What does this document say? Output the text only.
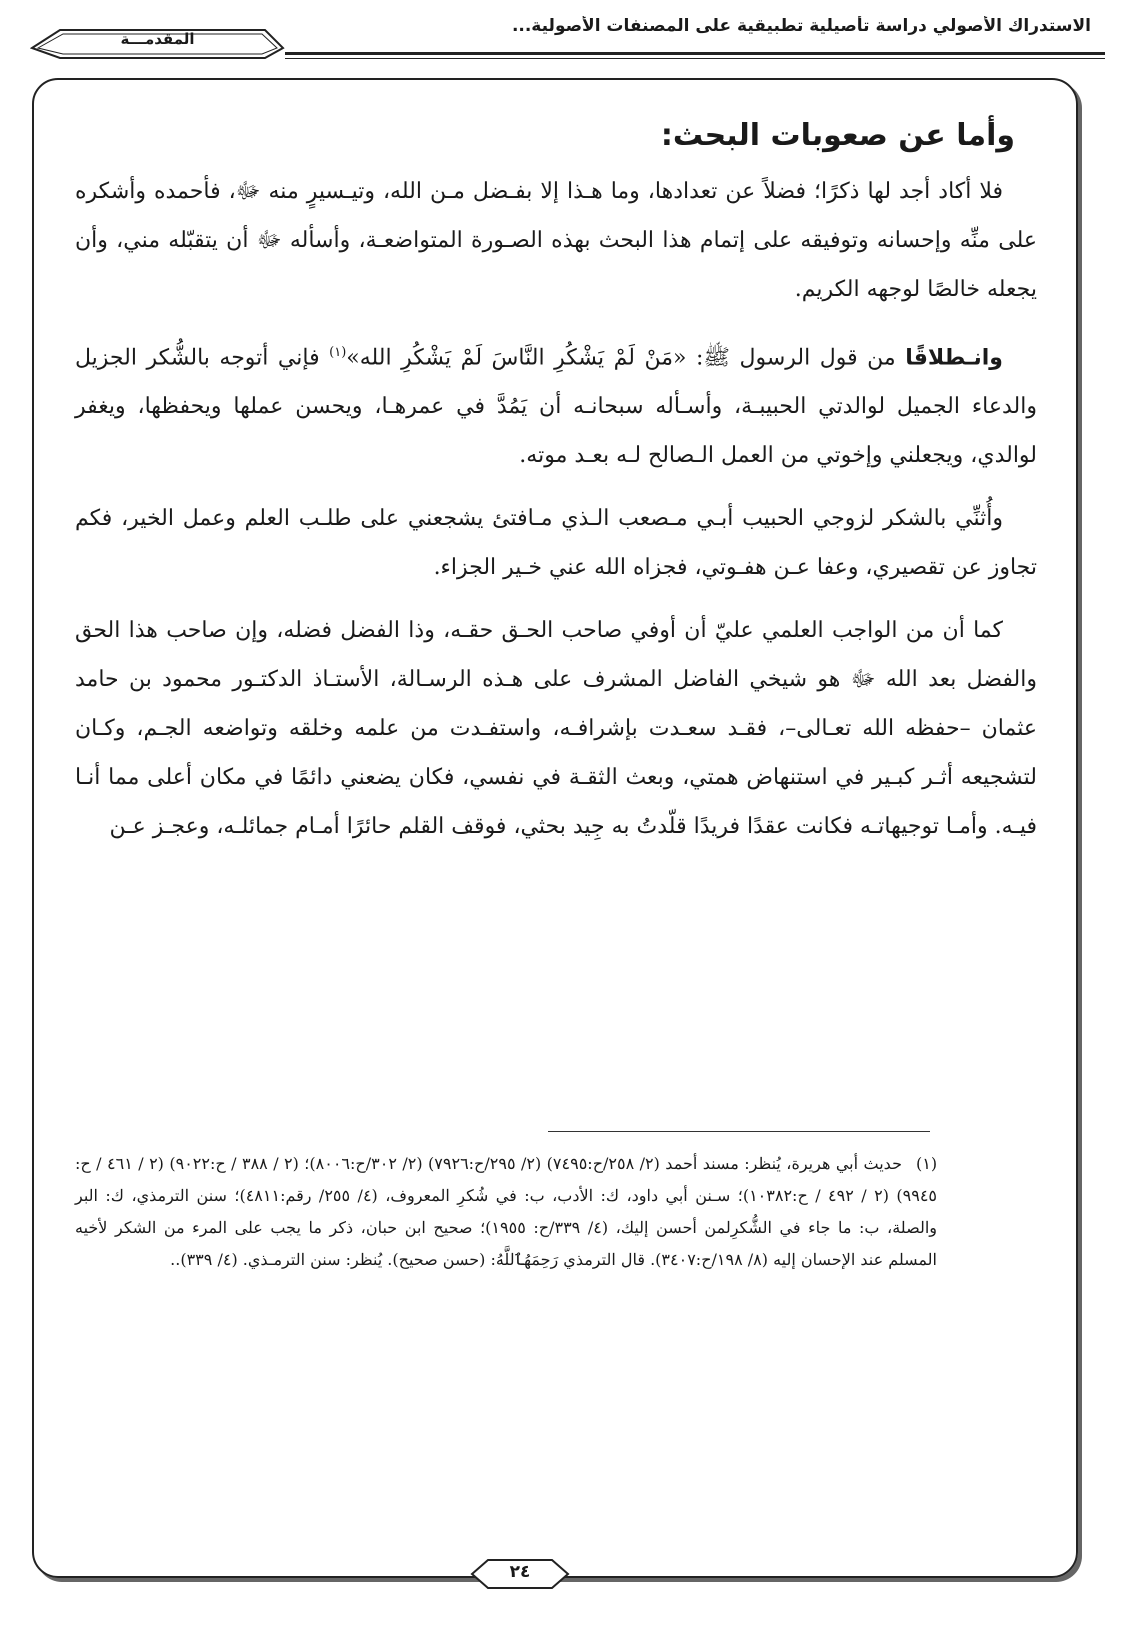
الاستدراك الأصولي دراسة تأصيلية تطبيقية على المصنفات الأصولية...
المقدمـــة
وأما عن صعوبات البحث:

فلا أكاد أجد لها ذكرًا؛ فضلاً عن تعدادها، وما هـذا إلا بفـضل مـن الله، وتيـسيرٍ منه ﷻ، فأحمده وأشكره على منِّه وإحسانه وتوفيقه على إتمام هذا البحث بهذه الصـورة المتواضعـة، وأسأله ﷻ أن يتقبّله مني، وأن يجعله خالصًا لوجهه الكريم.

وانـطلاقًا من قول الرسول ﷺ: «مَنْ لَمْ يَشْكُرِ النَّاسَ لَمْ يَشْكُرِ الله»$^{(١)}$ فإني أتوجه بالشُّكر الجزيل والدعاء الجميل لوالدتي الحبيبـة، وأسـأله سبحانـه أن يَمُدَّ في عمرهـا، ويحسن عملها ويحفظها، ويغفر لوالدي، ويجعلني وإخوتي من العمل الـصالح لـه بعـد موته.

وأُثنِّي بالشكر لزوجي الحبيب أبـي مـصعب الـذي مـافتئ يشجعني على طلـب العلم وعمل الخير، فكم تجاوز عن تقصيري، وعفا عـن هفـوتي، فجزاه الله عني خـير الجزاء.

كما أن من الواجب العلمي عليّ أن أوفي صاحب الحـق حقـه، وذا الفضل فضله، وإن صاحب هذا الحق والفضل بعد الله ﷻ هو شيخي الفاضل المشرف على هـذه الرسـالة، الأستـاذ الدكتـور محمود بن حامد عثمان –حفظه الله تعـالى–، فقـد سعـدت بإشرافـه، واستفـدت من علمه وخلقه وتواضعه الجـم، وكـان لتشجيعه أثـر كبـير في استنهاض همتي، وبعث الثقـة في نفسي، فكان يضعني دائمًا في مكان أعلى مما أنـا فيـه. وأمـا توجيهاتـه فكانت عقدًا فريدًا قلّدتُ به جِيد بحثي، فوقف القلم حائرًا أمـام جمائلـه، وعجـز عـن

(١)حديث أبي هريرة، يُنظر: مسند أحمد (٢/ ٢٥٨/ح:٧٤٩٥) (٢/ ٢٩٥/ح:٧٩٢٦) (٢/ ٣٠٢/ح:٨٠٠٦)؛ (٢ / ٣٨٨ / ح:٩٠٢٢) (٢ / ٤٦١ / ح: ٩٩٤٥) (٢ / ٤٩٢ / ح:١٠٣٨٢)؛ سـنن أبي داود، ك: الأدب، ب: في شُكرِ المعروف، (٤/ ٢٥٥/ رقم:٤٨١١)؛ سنن الترمذي، ك: البر والصلة، ب: ما جاء في الشُّكرِلمن أحسن إليك، (٤/ ٣٣٩/ح: ١٩٥٥)؛ صحيح ابن حبان، ذكر ما يجب على المرء من الشكر لأخيه المسلم عند الإحسان إليه (٨/ ١٩٨/ح:٣٤٠٧). قال الترمذي رَحِمَهُٱللَّهُ: (حسن صحيح). يُنظر: سنن الترمـذي. (٤/ ٣٣٩)..
٢٤
